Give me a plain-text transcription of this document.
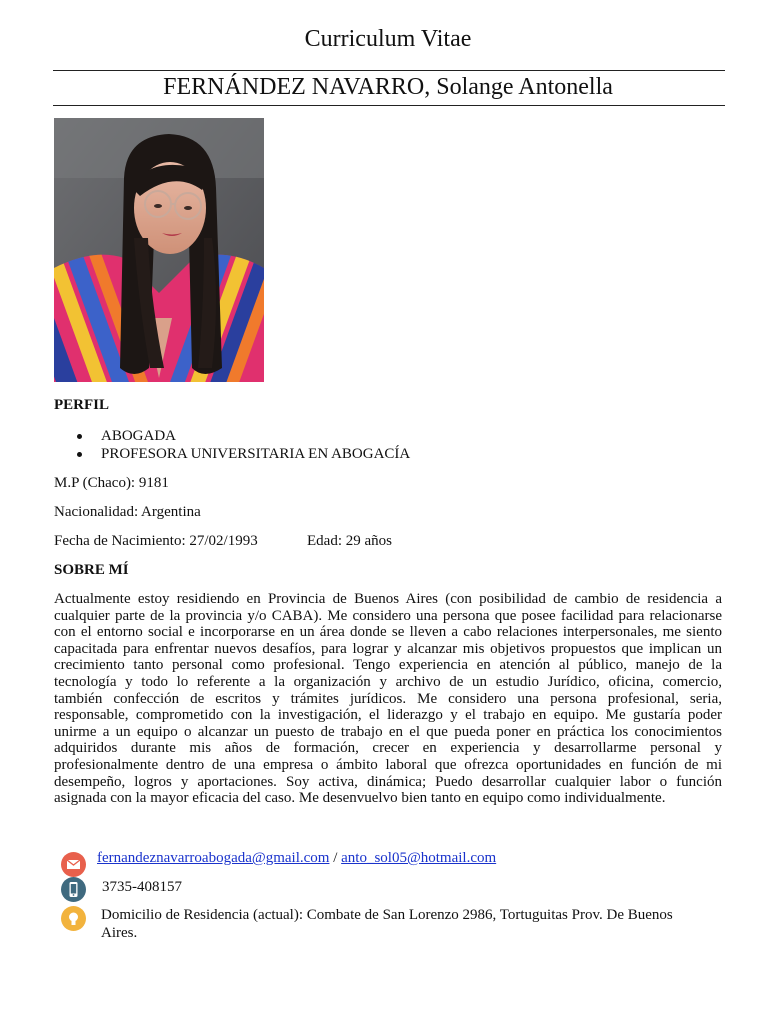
Curriculum Vitae
FERNÁNDEZ NAVARRO, Solange Antonella
PERFIL
ABOGADA
PROFESORA UNIVERSITARIA EN ABOGACÍA
M.P (Chaco): 9181
Nacionalidad: Argentina
Fecha de Nacimiento: 27/02/1993	Edad: 29 años
SOBRE MÍ
Actualmente estoy residiendo en Provincia de Buenos Aires (con posibilidad de cambio de residencia a
cualquier parte de la provincia y/o CABA). Me considero una persona que posee facilidad para relacionarse
con el entorno social e incorporarse en un área donde se lleven a cabo relaciones interpersonales, me siento
capacitada para enfrentar nuevos desafíos, para lograr y alcanzar mis objetivos propuestos que implican un
crecimiento tanto personal como profesional. Tengo experiencia en atención al público, manejo de la
tecnología y todo lo referente a la organización y archivo de un estudio Jurídico, oficina, comercio,
también confección de escritos y trámites jurídicos. Me considero una persona profesional, seria,
responsable, comprometido con la investigación, el liderazgo y el trabajo en equipo. Me gustaría poder
unirme a un equipo o alcanzar un puesto de trabajo en el que pueda poner en práctica los conocimientos
adquiridos durante mis años de formación, crecer en experiencia y desarrollarme personal y
profesionalmente dentro de una empresa o ámbito laboral que ofrezca oportunidades en función de mi
desempeño, logros y aportaciones. Soy activa, dinámica; Puedo desarrollar cualquier labor o función
asignada con la mayor eficacia del caso. Me desenvuelvo bien tanto en equipo como individualmente.
fernandeznavarroabogada@gmail.com / anto_sol05@hotmail.com
3735-408157
Domicilio de Residencia (actual): Combate de San Lorenzo 2986, Tortuguitas Prov. De Buenos Aires.
